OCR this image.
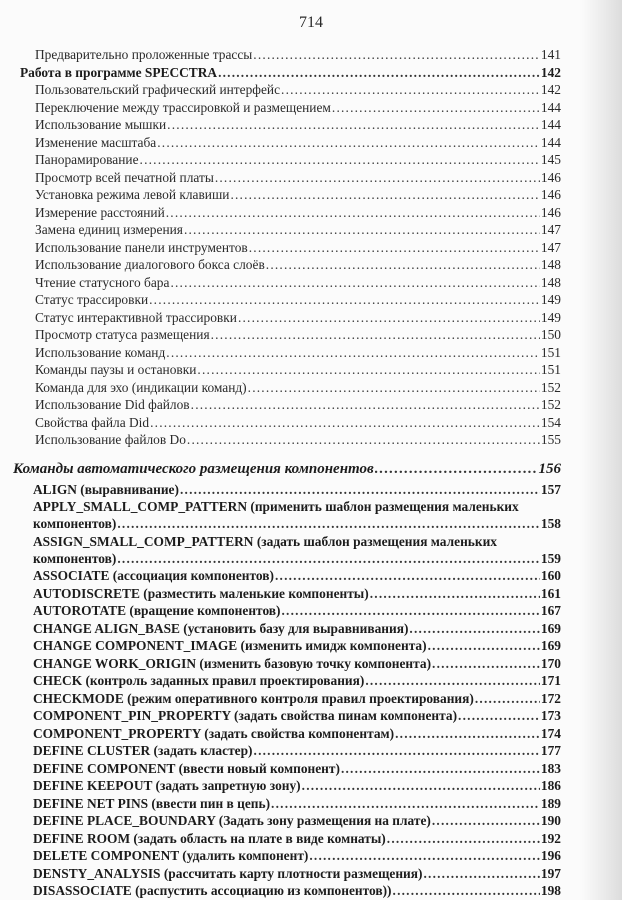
714
Предварительно проложенные трассы .....	141
Работа в программе SPECCTRA .....	142
Пользовательский графический интерфейс .....	142
Переключение между трассировкой и размещением .....	144
Использование мышки .....	144
Изменение масштаба .....	144
Панорамирование .....	145
Просмотр всей печатной платы .....	146
Установка режима левой клавиши .....	146
Измерение расстояний .....	146
Замена единиц измерения .....	147
Использование панели инструментов .....	147
Использование диалогового бокса слоёв .....	148
Чтение статусного бара .....	148
Статус трассировки .....	149
Статус интерактивной трассировки .....	149
Просмотр статуса размещения .....	150
Использование команд .....	151
Команды паузы и остановки .....	151
Команда для эхо (индикации команд) .....	152
Использование Did файлов .....	152
Свойства файла Did .....	154
Использование файлов Do .....	155
Команды автоматического размещения компонентов .....	156
ALIGN (выравнивание) .....	157
APPLY_SMALL_COMP_PATTERN (применить шаблон размещения маленьких
компонентов) .....	158
ASSIGN_SMALL_COMP_PATTERN (задать шаблон размещения маленьких
компонентов) .....	159
ASSOCIATE (ассоциация компонентов) .....	160
AUTODISCRETE (разместить маленькие компоненты) .....	161
AUTOROTATE (вращение компонентов) .....	167
CHANGE ALIGN_BASE (установить базу для выравнивания) .....	169
CHANGE COMPONENT_IMAGE (изменить имидж компонента) .....	169
CHANGE WORK_ORIGIN (изменить базовую точку компонента) .....	170
CHECK (контроль заданных правил проектирования) .....	171
CHECKMODE (режим оперативного контроля правил проектирования) .....	172
COMPONENT_PIN_PROPERTY (задать свойства пинам компонента) .....	173
COMPONENT_PROPERTY (задать свойства компонентам) .....	174
DEFINE CLUSTER (задать кластер) .....	177
DEFINE COMPONENT (ввести новый компонент) .....	183
DEFINE KEEPOUT (задать запретную зону) .....	186
DEFINE NET PINS (ввести пин в цепь) .....	189
DEFINE PLACE_BOUNDARY (Задать зону размещения на плате) .....	190
DEFINE ROOM (задать область на плате в виде комнаты) .....	192
DELETE COMPONENT (удалить компонент) .....	196
DENSTY_ANALYSIS (рассчитать карту плотности размещения) .....	197
DISASSOCIATE (распустить ассоциацию из компонентов)) .....	198
